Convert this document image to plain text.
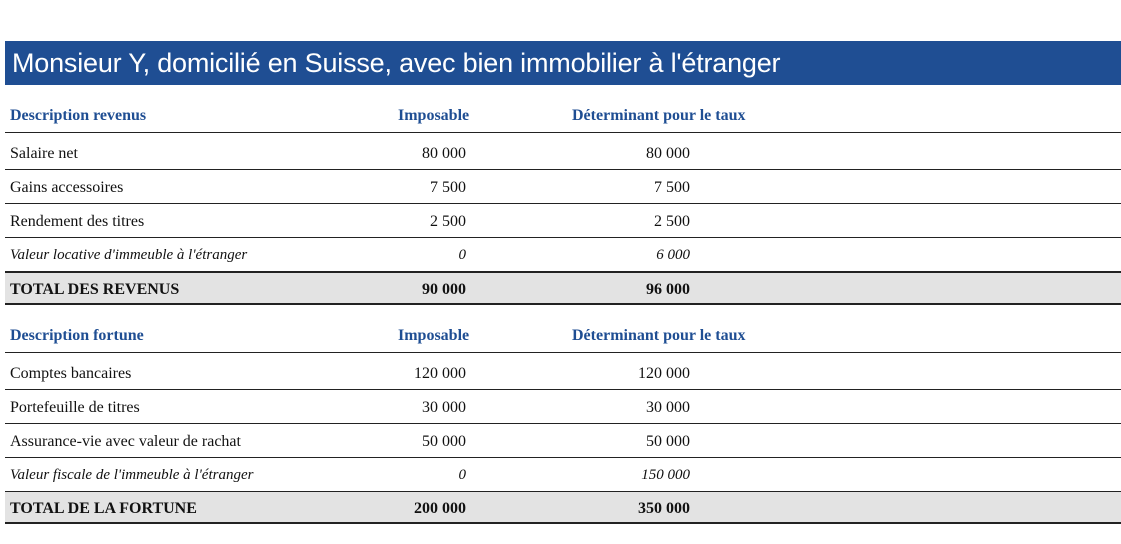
Monsieur Y, domicilié en Suisse, avec bien immobilier à l'étranger
Description revenus	Imposable	Déterminant pour le taux
Salaire net	80 000	80 000
Gains accessoires	7 500	7 500
Rendement des titres	2 500	2 500
Valeur locative d'immeuble à l'étranger	0	6 000
TOTAL DES REVENUS	90 000	96 000
Description fortune	Imposable	Déterminant pour le taux
Comptes bancaires	120 000	120 000
Portefeuille de titres	30 000	30 000
Assurance-vie avec valeur de rachat	50 000	50 000
Valeur fiscale de l'immeuble à l'étranger	0	150 000
TOTAL DE LA FORTUNE	200 000	350 000
